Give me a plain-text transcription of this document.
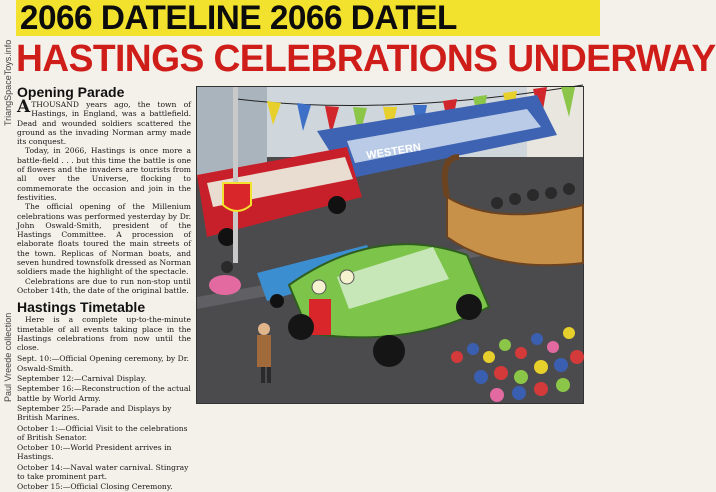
2066 DATELINE 2066 DATEL
HASTINGS CELEBRATIONS UNDERWAY
TriangSpaceToys.info
Paul Vreede collection
Opening Parade

ATHOUSAND years ago, the town of Hastings, in England, was a battlefield. Dead and wounded soldiers scattered the ground as the invading Norman army made its conquest.

Today, in 2066, Hastings is once more a battle-field . . . but this time the battle is one of flowers and the invaders are tourists from all over the Universe, flocking to commemorate the occasion and join in the festivities.

The official opening of the Millenium celebrations was performed yesterday by Dr. John Oswald-Smith, president of the Hastings Committee. A procession of elaborate floats toured the main streets of the town. Replicas of Norman boats, and seven hundred townsfolk dressed as Norman soldiers made the highlight of the spectacle.

Celebrations are due to run non-stop until October 14th, the date of the original battle.

Hastings Timetable

Here is a complete up-to-the-minute timetable of all events taking place in the Hastings celebrations from now until the close.

Sept. 10:—Official Opening ceremony, by Dr. Oswald-Smith.
September 12:—Carnival Display.
September 16:—Reconstruction of the actual battle by World Army.
September 25:—Parade and Displays by British Marines.
October 1:—Official Visit to the celebrations of British Senator.
October 10:—World President arrives in Hastings.
October 14:—Naval water carnival. Stingray to take prominent part.
October 15:—Official Closing Ceremony.
WESTERN
